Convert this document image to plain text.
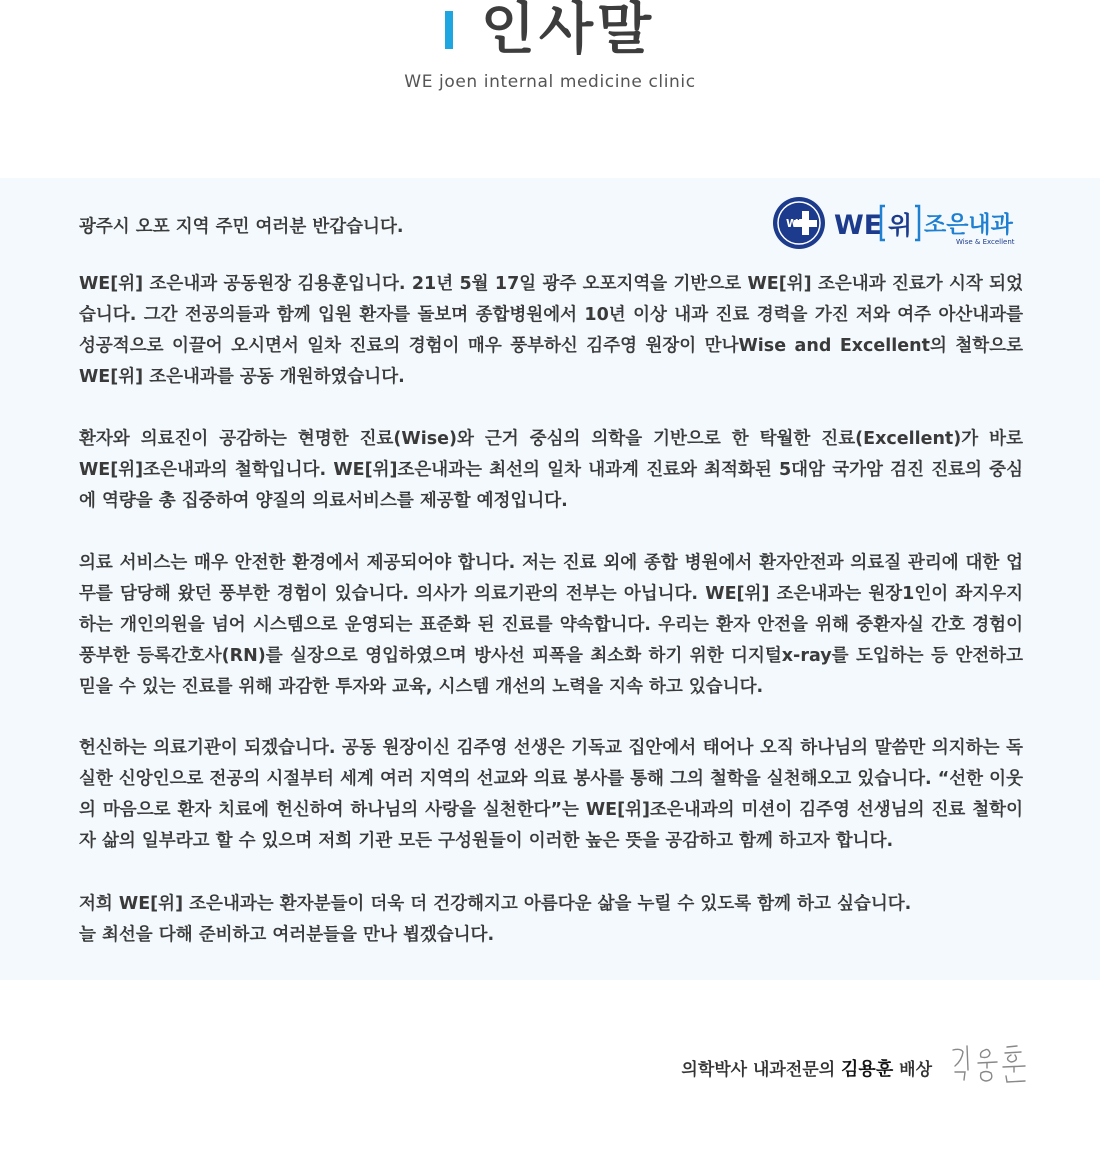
인사말
WE joen internal medicine clinic
WE WE 위 조은내과
Wise & Excellent
광주시 오포 지역 주민 여러분 반갑습니다.

WE[위] 조은내과 공동원장 김용훈입니다. 21년 5월 17일 광주 오포지역을 기반으로 WE[위] 조은내과 진료가 시작 되었습니다. 그간 전공의들과 함께 입원 환자를 돌보며 종합병원에서 10년 이상 내과 진료 경력을 가진 저와 여주 아산내과를 성공적으로 이끌어 오시면서 일차 진료의 경험이 매우 풍부하신 김주영 원장이 만나Wise and Excellent의 철학으로 WE[위] 조은내과를 공동 개원하였습니다.

환자와 의료진이 공감하는 현명한 진료(Wise)와 근거 중심의 의학을 기반으로 한 탁월한 진료(Excellent)가 바로 WE[위]조은내과의 철학입니다. WE[위]조은내과는 최선의 일차 내과계 진료와 최적화된 5대암 국가암 검진 진료의 중심에 역량을 총 집중하여 양질의 의료서비스를 제공할 예정입니다.

의료 서비스는 매우 안전한 환경에서 제공되어야 합니다. 저는 진료 외에 종합 병원에서 환자안전과 의료질 관리에 대한 업무를 담당해 왔던 풍부한 경험이 있습니다. 의사가 의료기관의 전부는 아닙니다. WE[위] 조은내과는 원장1인이 좌지우지하는 개인의원을 넘어 시스템으로 운영되는 표준화 된 진료를 약속합니다. 우리는 환자 안전을 위해 중환자실 간호 경험이 풍부한 등록간호사(RN)를 실장으로 영입하였으며 방사선 피폭을 최소화 하기 위한 디지털x-ray를 도입하는 등 안전하고 믿을 수 있는 진료를 위해 과감한 투자와 교육, 시스템 개선의 노력을 지속 하고 있습니다.

헌신하는 의료기관이 되겠습니다. 공동 원장이신 김주영 선생은 기독교 집안에서 태어나 오직 하나님의 말씀만 의지하는 독실한 신앙인으로 전공의 시절부터 세계 여러 지역의 선교와 의료 봉사를 통해 그의 철학을 실천해오고 있습니다. “선한 이웃의 마음으로 환자 치료에 헌신하여 하나님의 사랑을 실천한다”는 WE[위]조은내과의 미션이 김주영 선생님의 진료 철학이자 삶의 일부라고 할 수 있으며 저희 기관 모든 구성원들이 이러한 높은 뜻을 공감하고 함께 하고자 합니다.

저희 WE[위] 조은내과는 환자분들이 더욱 더 건강해지고 아름다운 삶을 누릴 수 있도록 함께 하고 싶습니다.
늘 최선을 다해 준비하고 여러분들을 만나 뵙겠습니다.
의학박사 내과전문의 김용훈 배상
